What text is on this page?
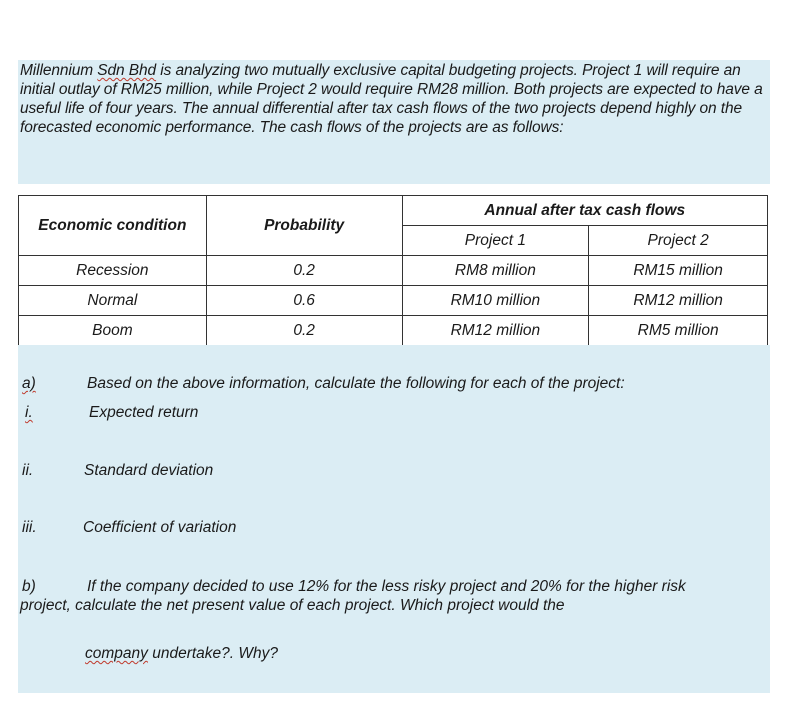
Millennium Sdn Bhd is analyzing two mutually exclusive capital budgeting projects. Project 1 will require an initial outlay of RM25 million, while Project 2 would require RM28 million. Both projects are expected to have a useful life of four years. The annual differential after tax cash flows of the two projects depend highly on the forecasted economic performance. The cash flows of the projects are as follows:

Economic condition	Probability	Annual after tax cash flows	
		Project 1	Project 2
Recession	0.2	RM8 million	RM15 million
Normal	0.6	RM10 million	RM12 million
Boom	0.2	RM12 million	RM5 million
a)	Based on the above information, calculate the following for each of the project:
i.	Expected return
ii.	Standard deviation
iii.	Coefficient of variation
b)	If the company decided to use 12% for the less risky project and 20% for the higher risk
project, calculate the net present value of each project. Which project would the
company undertake?. Why?
